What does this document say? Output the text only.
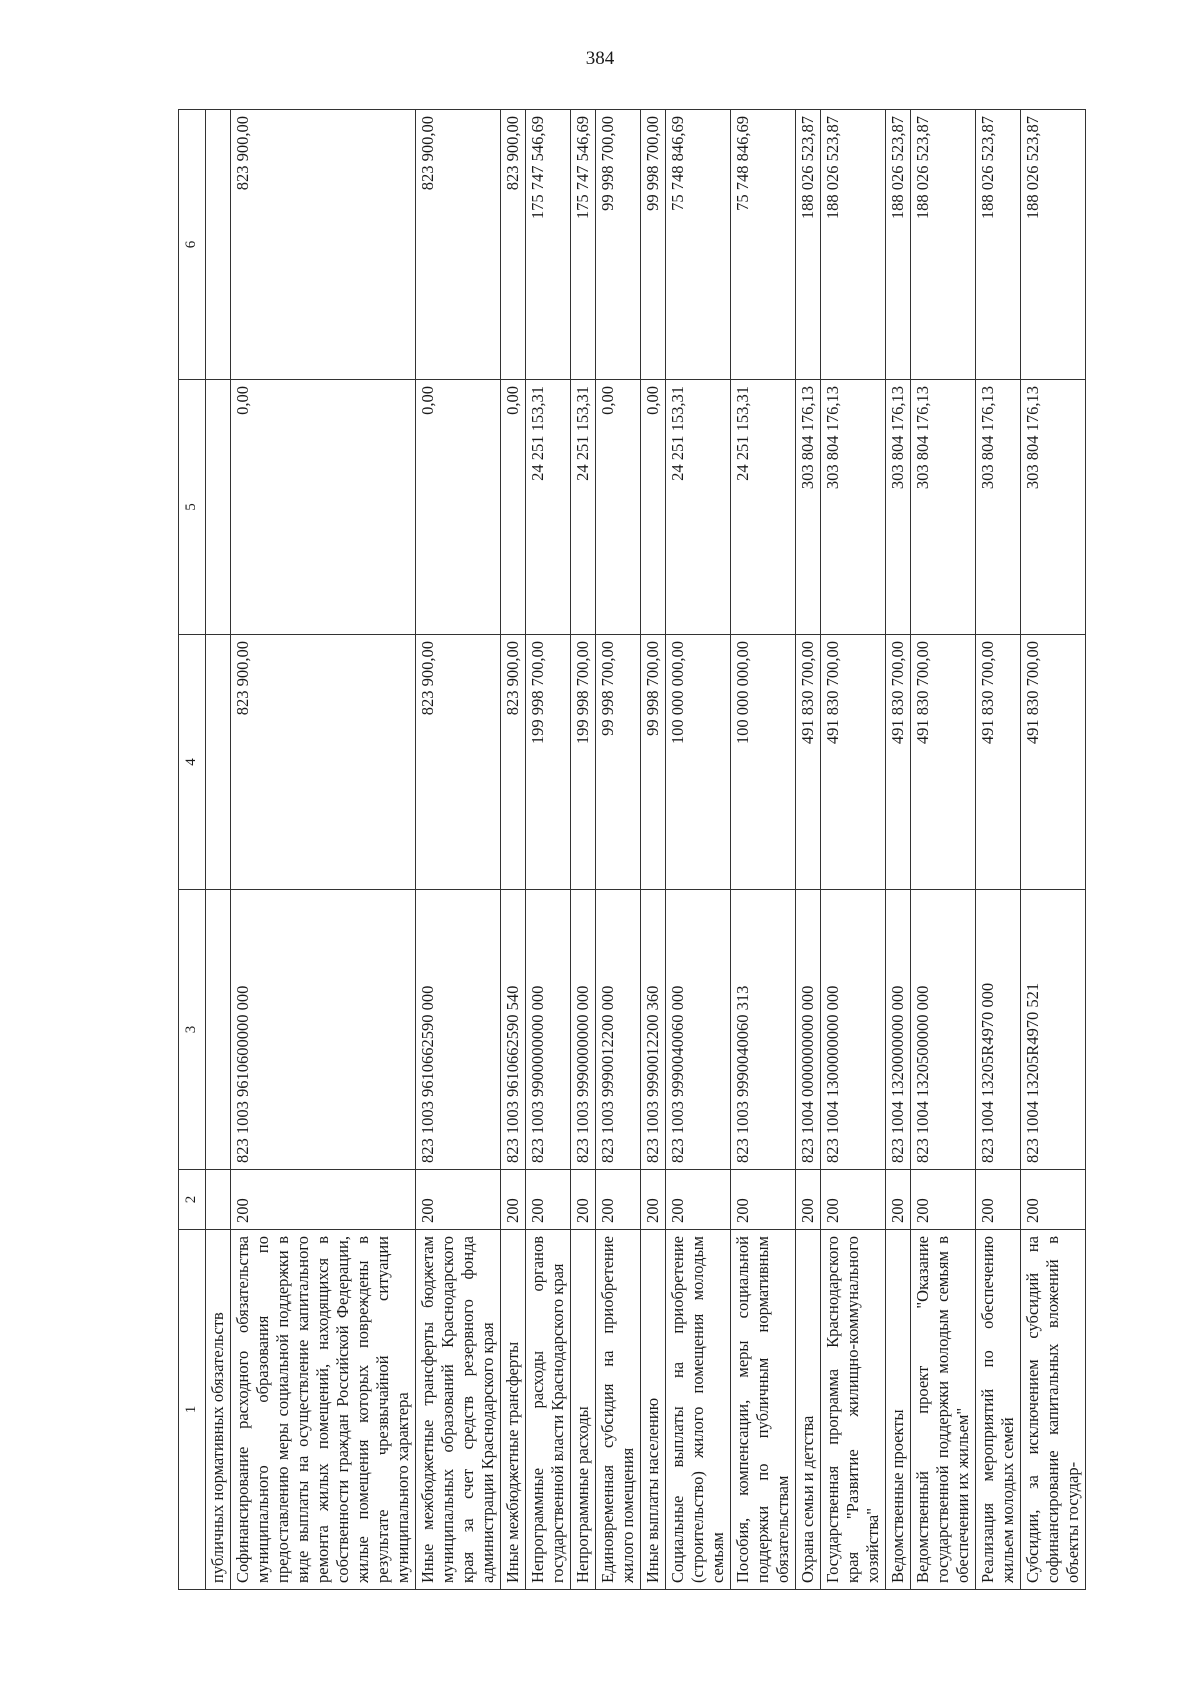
384
1	2	3	4	5	6
публичных нормативных обязательств					
Софинансирование расходного обязательства муниципального образования по предоставлению меры социальной поддержки в виде выплаты на осуществление капитального ремонта жилых помещений, находящихся в собственности граждан Российской Федерации, жилые помещения которых повреждены в результате чрезвычайной ситуации муниципального характера	200	823 1003 9610600000 000	823 900,00	0,00	823 900,00
Иные межбюджетные трансферты бюджетам муниципальных образований Краснодарского края за счет средств резервного фонда администрации Краснодарского края	200	823 1003 9610662590 000	823 900,00	0,00	823 900,00
Иные межбюджетные трансферты	200	823 1003 9610662590 540	823 900,00	0,00	823 900,00
Непрограммные расходы органов государственной власти Краснодарского края	200	823 1003 9900000000 000	199 998 700,00	24 251 153,31	175 747 546,69
Непрограммные расходы	200	823 1003 9990000000 000	199 998 700,00	24 251 153,31	175 747 546,69
Единовременная субсидия на приобретение жилого помещения	200	823 1003 9990012200 000	99 998 700,00	0,00	99 998 700,00
Иные выплаты населению	200	823 1003 9990012200 360	99 998 700,00	0,00	99 998 700,00
Социальные выплаты на приобретение (строительство) жилого помещения молодым семьям	200	823 1003 9990040060 000	100 000 000,00	24 251 153,31	75 748 846,69
Пособия, компенсации, меры социальной поддержки по публичным нормативным обязательствам	200	823 1003 9990040060 313	100 000 000,00	24 251 153,31	75 748 846,69
Охрана семьи и детства	200	823 1004 0000000000 000	491 830 700,00	303 804 176,13	188 026 523,87
Государственная программа Краснодарского края "Развитие жилищно-коммунального хозяйства"	200	823 1004 1300000000 000	491 830 700,00	303 804 176,13	188 026 523,87
Ведомственные проекты	200	823 1004 1320000000 000	491 830 700,00	303 804 176,13	188 026 523,87
Ведомственный проект "Оказание государственной поддержки молодым семьям в обеспечении их жильем"	200	823 1004 1320500000 000	491 830 700,00	303 804 176,13	188 026 523,87
Реализация мероприятий по обеспечению жильем молодых семей	200	823 1004 13205R4970 000	491 830 700,00	303 804 176,13	188 026 523,87
Субсидии, за исключением субсидий на софинансирование капитальных вложений в объекты государ-	200	823 1004 13205R4970 521	491 830 700,00	303 804 176,13	188 026 523,87
